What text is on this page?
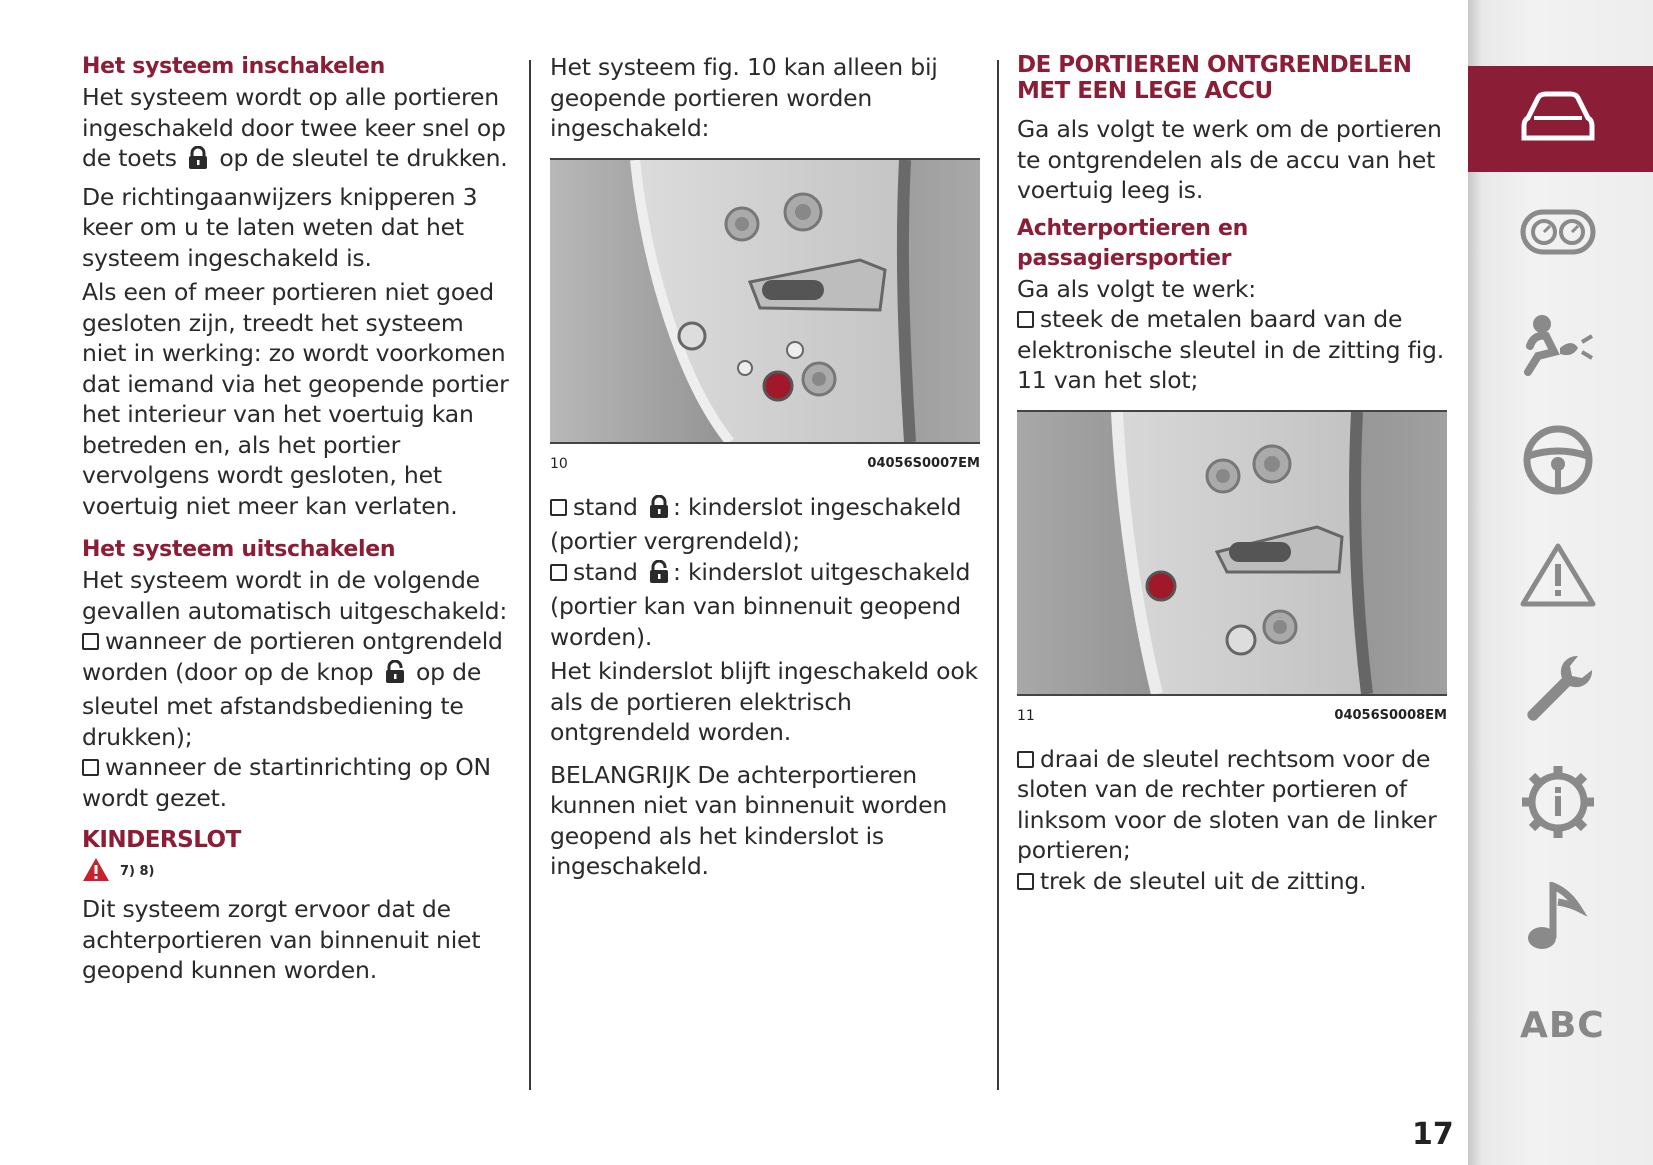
Het systeem inschakelen

Het systeem wordt op alle portieren ingeschakeld door twee keer snel op de toets op de sleutel te drukken.

De richtingaanwijzers knipperen 3 keer om u te laten weten dat het systeem ingeschakeld is.

Als een of meer portieren niet goed gesloten zijn, treedt het systeem niet in werking: zo wordt voorkomen dat iemand via het geopende portier het interieur van het voertuig kan betreden en, als het portier vervolgens wordt gesloten, het voertuig niet meer kan verlaten.

Het systeem uitschakelen

Het systeem wordt in de volgende gevallen automatisch uitgeschakeld:

wanneer de portieren ontgrendeld worden (door op de knop op de sleutel met afstandsbediening te drukken);

wanneer de startinrichting op ON wordt gezet.

KINDERSLOT
7) 8)

Dit systeem zorgt ervoor dat de achterportieren van binnenuit niet geopend kunnen worden.

Het systeem fig. 10 kan alleen bij geopende portieren worden ingeschakeld:

10	04056S0007EM

stand : kinderslot ingeschakeld (portier vergrendeld);

stand : kinderslot uitgeschakeld (portier kan van binnenuit geopend worden).

Het kinderslot blijft ingeschakeld ook als de portieren elektrisch ontgrendeld worden.

BELANGRIJK De achterportieren kunnen niet van binnenuit worden geopend als het kinderslot is ingeschakeld.

DE PORTIEREN ONTGRENDELEN MET EEN LEGE ACCU

Ga als volgt te werk om de portieren te ontgrendelen als de accu van het voertuig leeg is.

Achterportieren en passagiersportier

Ga als volgt te werk:

steek de metalen baard van de elektronische sleutel in de zitting fig. 11 van het slot;

11	04056S0008EM

draai de sleutel rechtsom voor de sloten van de rechter portieren of linksom voor de sloten van de linker portieren;

trek de sleutel uit de zitting.

ABC
17
